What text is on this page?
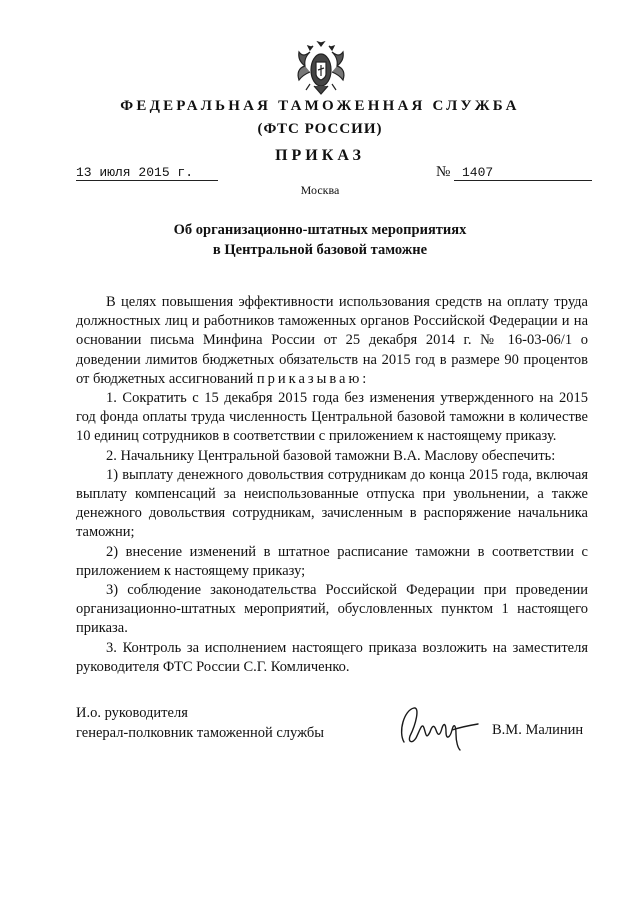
ФЕДЕРАЛЬНАЯ ТАМОЖЕННАЯ СЛУЖБА
(ФТС РОССИИ)
ПРИКАЗ
13 июля 2015 г.	№ 1407
Москва
Об организационно-штатных мероприятиях
в Центральной базовой таможне

В целях повышения эффективности использования средств на оплату труда должностных лиц и работников таможенных органов Российской Федерации и на основании письма Минфина России от 25 декабря 2014 г. № 16-03-06/1 о доведении лимитов бюджетных обязательств на 2015 год в размере 90 процентов от бюджетных ассигнований приказываю:

1. Сократить с 15 декабря 2015 года без изменения утвержденного на 2015 год фонда оплаты труда численность Центральной базовой таможни в количестве 10 единиц сотрудников в соответствии с приложением к настоящему приказу.

2. Начальнику Центральной базовой таможни В.А. Маслову обеспечить:

1) выплату денежного довольствия сотрудникам до конца 2015 года, включая выплату компенсаций за неиспользованные отпуска при увольнении, а также денежного довольствия сотрудникам, зачисленным в распоряжение начальника таможни;

2) внесение изменений в штатное расписание таможни в соответствии с приложением к настоящему приказу;

3) соблюдение законодательства Российской Федерации при проведении организационно-штатных мероприятий, обусловленных пунктом 1 настоящего приказа.

3. Контроль за исполнением настоящего приказа возложить на заместителя руководителя ФТС России С.Г. Комличенко.

И.о. руководителя
генерал-полковник таможенной службы	В.М. Малинин
